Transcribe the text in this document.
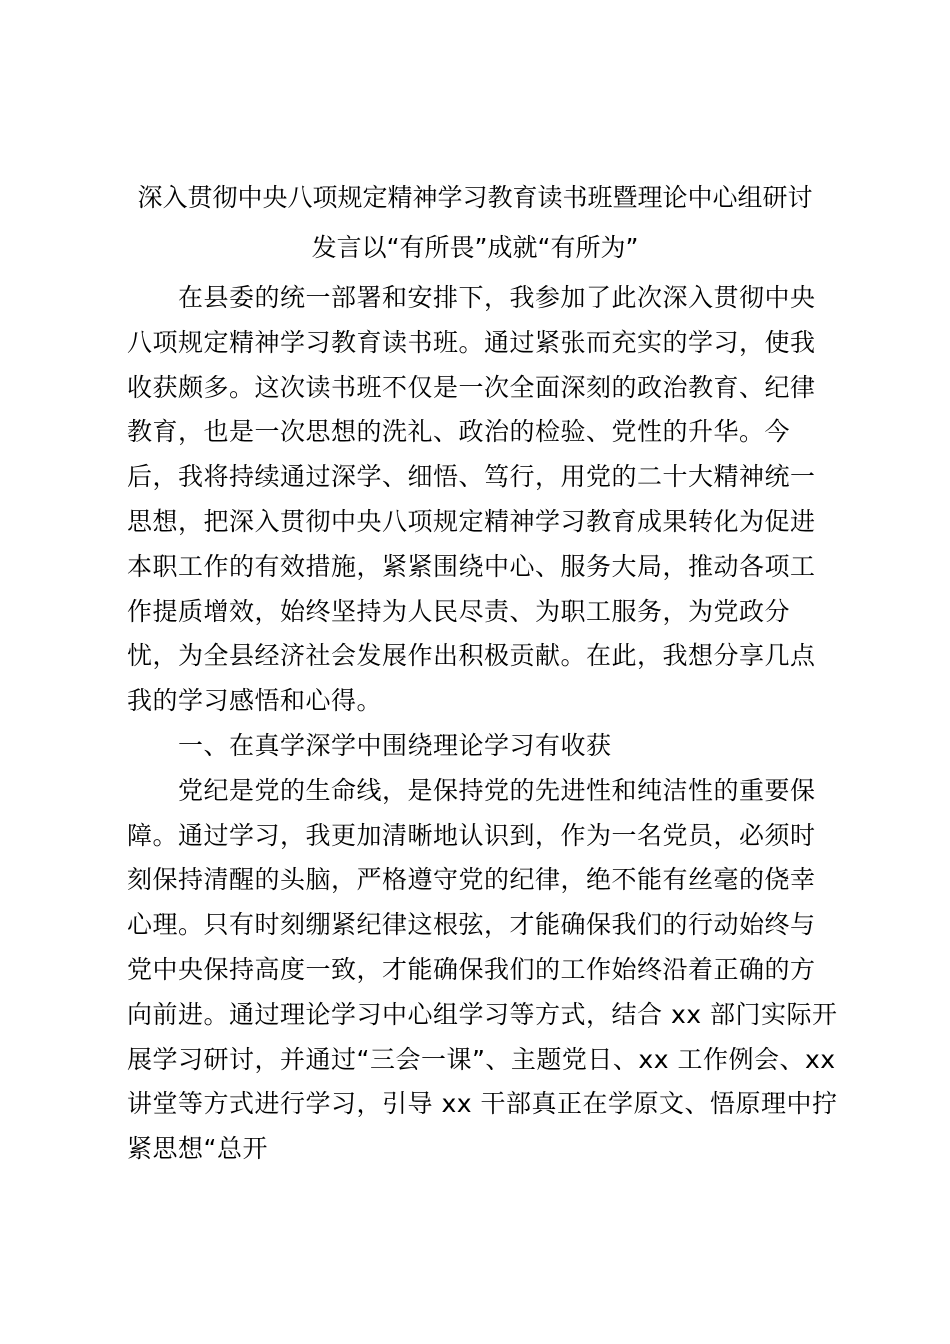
深入贯彻中央八项规定精神学习教育读书班暨理论中心组研讨
发言以“有所畏”成就“有所为”
　　在县委的统一部署和安排下，我参加了此次深入贯彻中央
八项规定精神学习教育读书班。通过紧张而充实的学习，使我
收获颇多。这次读书班不仅是一次全面深刻的政治教育、纪律
教育，也是一次思想的洗礼、政治的检验、党性的升华。今
后，我将持续通过深学、细悟、笃行，用党的二十大精神统一
思想，把深入贯彻中央八项规定精神学习教育成果转化为促进
本职工作的有效措施，紧紧围绕中心、服务大局，推动各项工
作提质增效，始终坚持为人民尽责、为职工服务，为党政分
忧，为全县经济社会发展作出积极贡献。在此，我想分享几点
我的学习感悟和心得。
　　一、在真学深学中围绕理论学习有收获
　　党纪是党的生命线，是保持党的先进性和纯洁性的重要保
障。通过学习，我更加清晰地认识到，作为一名党员，必须时
刻保持清醒的头脑，严格遵守党的纪律，绝不能有丝毫的侥幸
心理。只有时刻绷紧纪律这根弦，才能确保我们的行动始终与
党中央保持高度一致，才能确保我们的工作始终沿着正确的方
向前进。通过理论学习中心组学习等方式，结合 xx 部门实际开
展学习研讨，并通过“三会一课”、主题党日、xx 工作例会、xx
讲堂等方式进行学习，引导 xx 干部真正在学原文、悟原理中拧
紧思想“总开
